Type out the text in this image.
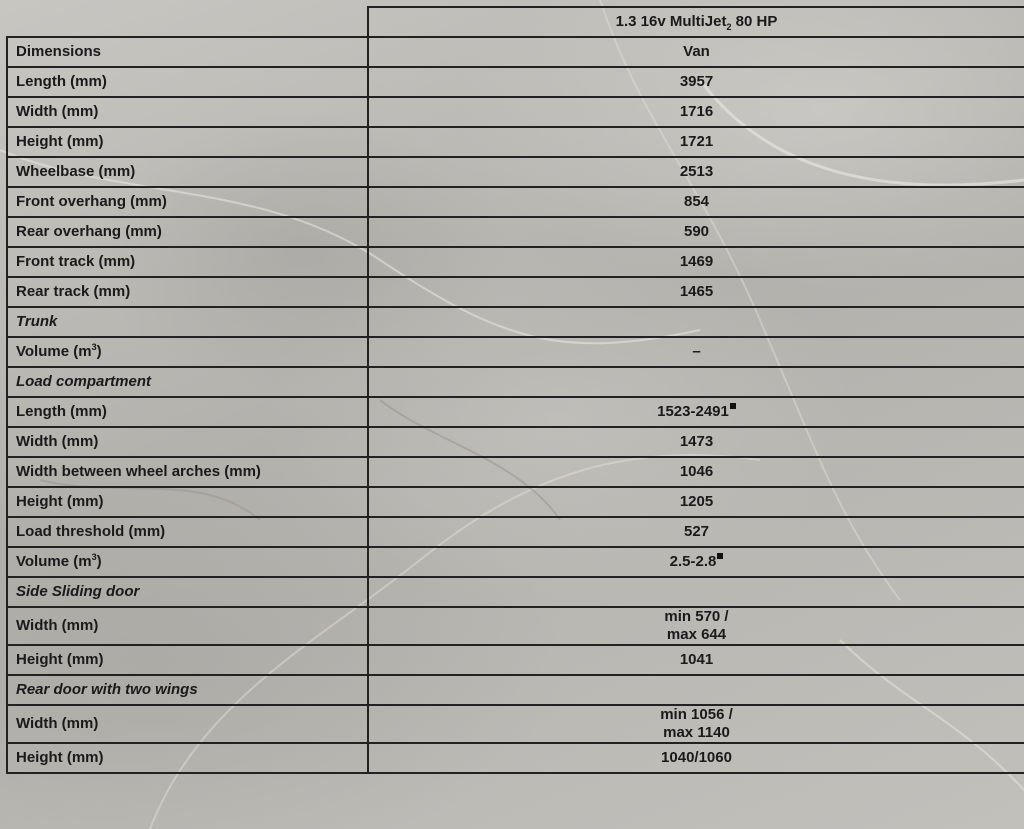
	1.3 16v MultiJet$_2$ 80 HP
Dimensions	Van
Length (mm)	3957
Width (mm)	1716
Height (mm)	1721
Wheelbase (mm)	2513
Front overhang (mm)	854
Rear overhang (mm)	590
Front track (mm)	1469
Rear track (mm)	1465
Trunk	
Volume $(m^3)$	–
Load compartment	
Length (mm)	1523-2491
Width (mm)	1473
Width between wheel arches (mm)	1046
Height (mm)	1205
Load threshold (mm)	527
Volume $(m^3)$	2.5-2.8
Side Sliding door	
Width (mm)	min 570 /
max 644

Height (mm)	1041
Rear door with two wings	
Width (mm)	min 1056 /
max 1140

Height (mm)	1040/1060
